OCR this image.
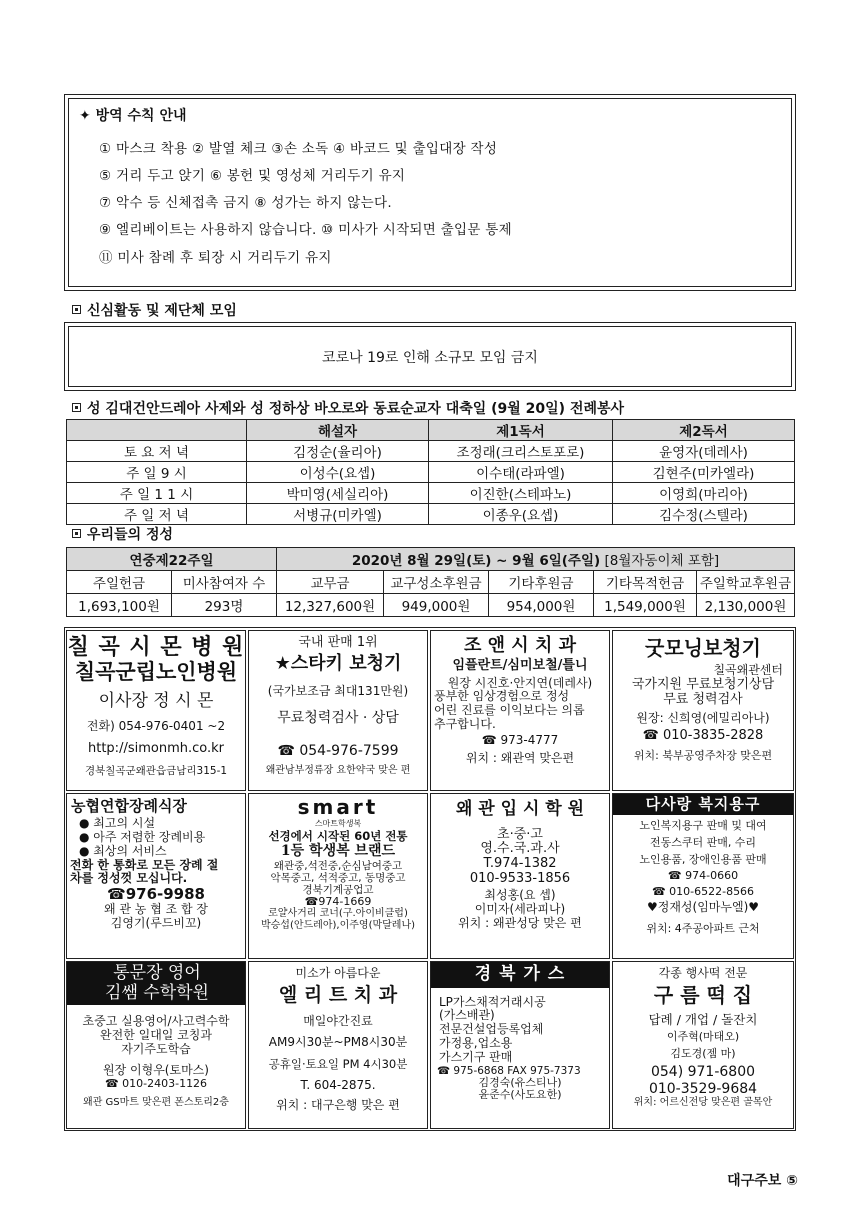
✦ 방역 수칙 안내
① 마스크 착용 ② 발열 체크 ③손 소독 ④ 바코드 및 출입대장 작성
⑤ 거리 두고 앉기 ⑥ 봉헌 및 영성체 거리두기 유지
⑦ 악수 등 신체접촉 금지 ⑧ 성가는 하지 않는다.
⑨ 엘리베이트는 사용하지 않습니다. ⑩ 미사가 시작되면 출입문 통제
⑪ 미사 참례 후 퇴장 시 거리두기 유지
신심활동 및 제단체 모임
코로나 19로 인해 소규모 모임 금지
성 김대건안드레아 사제와 성 정하상 바오로와 동료순교자 대축일 (9월 20일) 전례봉사
	해설자	제1독서	제2독서
토 요 저 녁	김정순(율리아)	조정래(크리스토포로)	윤영자(데레사)
주 일 9 시	이성수(요셉)	이수태(라파엘)	김현주(미카엘라)
주 일 1 1 시	박미영(세실리아)	이진한(스테파노)	이영희(마리아)
주 일 저 녁	서병규(미카엘)	이종우(요셉)	김수정(스텔라)
우리들의 정성
연중제22주일		2020년 8월 29일(토) ~ 9월 6일(주일) [8월자동이체 포함]				
주일헌금	미사참여자 수	교무금	교구성소후원금	기타후원금	기타목적헌금	주일학교후원금
1,693,100원	293명	12,327,600원	949,000원	954,000원	1,549,000원	2,130,000원
칠 곡 시 몬 병 원
칠곡군립노인병원
이사장 정 시 몬
전화) 054-976-0401 ~2
http://simonmh.co.kr
경북칠곡군왜관읍금남리315-1
국내 판매 1위
★스타키 보청기
(국가보조금 최대131만원)
무료청력검사 · 상담
☎ 054-976-7599
왜관남부정류장 요한약국 맞은 편
조 앤 시 치 과
임플란트/심미보철/틀니
원장 시진호·안지연(데레사)
풍부한 임상경험으로 정성
어린 진료를 이익보다는 의롭
추구합니다.
☎ 973-4777
위치 : 왜관역 맞은편
굿모닝보청기
칠곡왜관센터
국가지원 무료보청기상담
무료 청력검사
원장: 신희영(에밀리아나)
☎ 010-3835-2828
위치: 북부공영주차장 맞은편
농협연합장례식장
● 최고의 시설
● 아주 저렴한 장례비용
● 최상의 서비스
전화 한 통화로 모든 장례 절
차를 정성껏 모십니다.
☎976-9988
왜 관 농 협 조 합 장
김영기(루드비꼬)
smart
스마트학생복
선경에서 시작된 60년 전통
1등 학생복 브랜드
왜관중,석전중,순심남여중고
악목중고, 석적중고, 동명중고
경북기계공업고
☎974-1669
로얄사거리 코너(구.아이비클럽)
박승섭(안드레아),이주영(막달레나)
왜 관 입 시 학 원
초·중·고
영.수.국.과.사
T.974-1382
010-9533-1856
최성홍(요 셉)
이미자(세라피나)
위치 : 왜관성당 맞은 편
다사랑 복지용구
노인복지용구 판매 및 대여
전동스쿠터 판매, 수리
노인용품, 장애인용품 판매
☎ 974-0660
☎ 010-6522-8566
♥정재성(임마누엘)♥
위치: 4주공아파트 근처
통문장 영어
김쌤 수학학원
초중고 실용영어/사고력수학
완전한 일대일 코칭과
자기주도학습
원장 이형우(토마스)
☎ 010-2403-1126
왜관 GS마트 맞은편 폰스토리2층
미소가 아름다운
엘 리 트 치 과
매일야간진료
AM9시30분~PM8시30분
공휴일·토요일 PM 4시30분
T. 604-2875.
위치 : 대구은행 맞은 편
경 북 가 스
LP가스채적거래시공
(가스배관)
전문건설업등록업체
가정용,업소용
가스기구 판매
☎ 975-6868 FAX 975-7373
김경숙(유스티나)
윤준수(사도요한)
각종 행사떡 전문
구 름 떡 집
답례 / 개업 / 돌잔치
이주혁(마태오)
김도경(젬 마)
054) 971-6800
010-3529-9684
위치: 어르신전당 맞은편 골목안
대구주보 ⑤
